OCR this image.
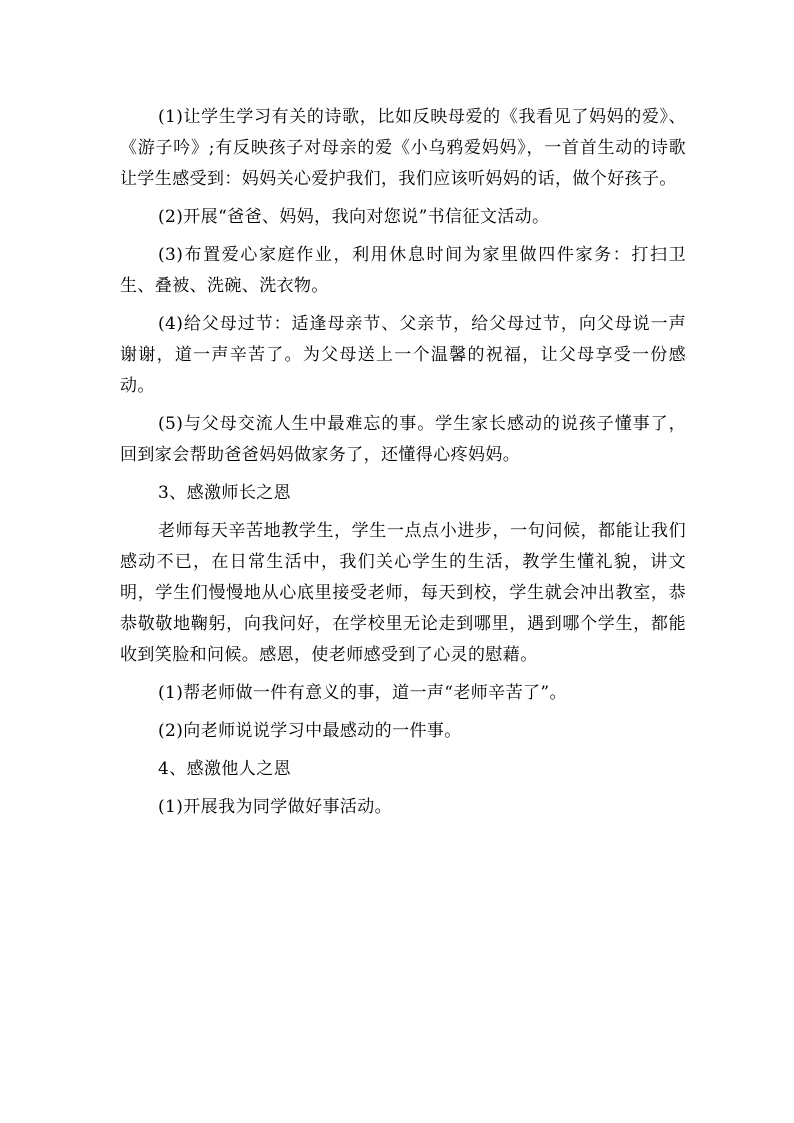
(1)让学生学习有关的诗歌，比如反映母爱的《我看见了妈妈的爱》、《游子吟》;有反映孩子对母亲的爱《小乌鸦爱妈妈》，一首首生动的诗歌让学生感受到：妈妈关心爱护我们，我们应该听妈妈的话，做个好孩子。

(2)开展“爸爸、妈妈，我向对您说”书信征文活动。

(3)布置爱心家庭作业，利用休息时间为家里做四件家务：打扫卫生、叠被、洗碗、洗衣物。

(4)给父母过节：适逢母亲节、父亲节，给父母过节，向父母说一声谢谢，道一声辛苦了。为父母送上一个温馨的祝福，让父母享受一份感动。

(5)与父母交流人生中最难忘的事。学生家长感动的说孩子懂事了，回到家会帮助爸爸妈妈做家务了，还懂得心疼妈妈。

3、感激师长之恩

老师每天辛苦地教学生，学生一点点小进步，一句问候，都能让我们感动不已，在日常生活中，我们关心学生的生活，教学生懂礼貌，讲文明，学生们慢慢地从心底里接受老师，每天到校，学生就会冲出教室，恭恭敬敬地鞠躬，向我问好，在学校里无论走到哪里，遇到哪个学生，都能收到笑脸和问候。感恩，使老师感受到了心灵的慰藉。

(1)帮老师做一件有意义的事，道一声“老师辛苦了”。

(2)向老师说说学习中最感动的一件事。

4、感激他人之恩

(1)开展我为同学做好事活动。
